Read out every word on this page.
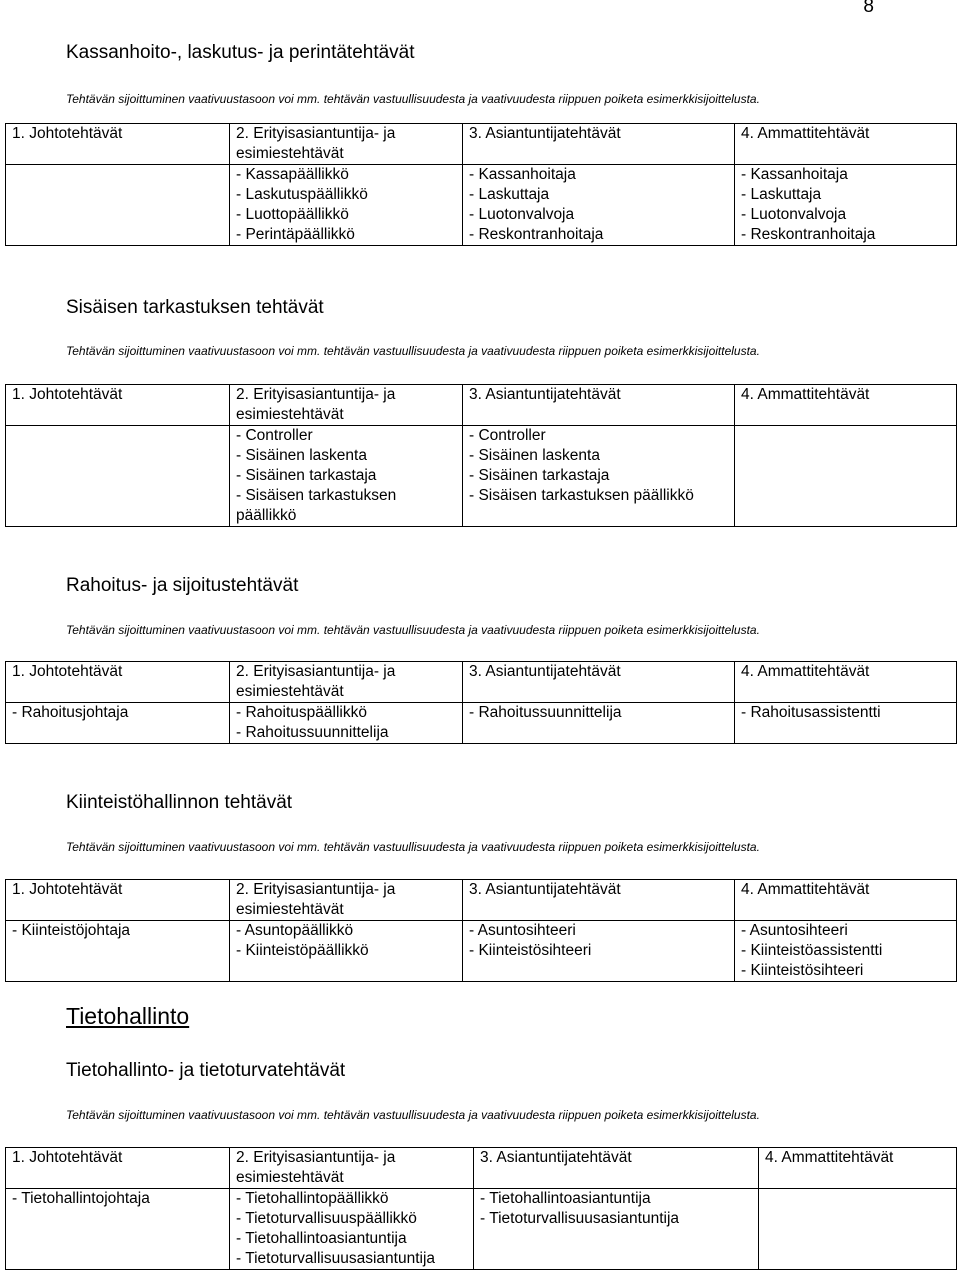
8
Kassanhoito-, laskutus- ja perintätehtävät
Tehtävän sijoittuminen vaativuustasoon voi mm. tehtävän vastuullisuudesta ja vaativuudesta riippuen poiketa esimerkkisijoittelusta.
1. Johtotehtävät	2. Erityisasiantuntija- ja esimiestehtävät	3. Asiantuntijatehtävät	4. Ammattitehtävät

	- Kassapäällikkö
- Laskutuspäällikkö
- Luottopäällikkö
- Perintäpäällikkö	- Kassanhoitaja
- Laskuttaja
- Luotonvalvoja
- Reskontranhoitaja	- Kassanhoitaja
- Laskuttaja
- Luotonvalvoja
- Reskontranhoitaja
Sisäisen tarkastuksen tehtävät
Tehtävän sijoittuminen vaativuustasoon voi mm. tehtävän vastuullisuudesta ja vaativuudesta riippuen poiketa esimerkkisijoittelusta.
1. Johtotehtävät	2. Erityisasiantuntija- ja esimiestehtävät	3. Asiantuntijatehtävät	4. Ammattitehtävät

	- Controller
- Sisäinen laskenta
- Sisäinen tarkastaja
- Sisäisen tarkastuksen
päällikkö	- Controller
- Sisäinen laskenta
- Sisäinen tarkastaja
- Sisäisen tarkastuksen päällikkö	

Rahoitus- ja sijoitustehtävät
Tehtävän sijoittuminen vaativuustasoon voi mm. tehtävän vastuullisuudesta ja vaativuudesta riippuen poiketa esimerkkisijoittelusta.
1. Johtotehtävät	2. Erityisasiantuntija- ja esimiestehtävät	3. Asiantuntijatehtävät	4. Ammattitehtävät

- Rahoitusjohtaja	- Rahoituspäällikkö
- Rahoitussuunnittelija	- Rahoitussuunnittelija	- Rahoitusassistentti
Kiinteistöhallinnon tehtävät
Tehtävän sijoittuminen vaativuustasoon voi mm. tehtävän vastuullisuudesta ja vaativuudesta riippuen poiketa esimerkkisijoittelusta.
1. Johtotehtävät	2. Erityisasiantuntija- ja esimiestehtävät	3. Asiantuntijatehtävät	4. Ammattitehtävät

- Kiinteistöjohtaja	- Asuntopäällikkö
- Kiinteistöpäällikkö	- Asuntosihteeri
- Kiinteistösihteeri	- Asuntosihteeri
- Kiinteistöassistentti
- Kiinteistösihteeri
Tietohallinto
Tietohallinto- ja tietoturvatehtävät
Tehtävän sijoittuminen vaativuustasoon voi mm. tehtävän vastuullisuudesta ja vaativuudesta riippuen poiketa esimerkkisijoittelusta.
1. Johtotehtävät	2. Erityisasiantuntija- ja esimiestehtävät	3. Asiantuntijatehtävät	4. Ammattitehtävät

- Tietohallintojohtaja	- Tietohallintopäällikkö
- Tietoturvallisuuspäällikkö
- Tietohallintoasiantuntija
- Tietoturvallisuusasiantuntija	- Tietohallintoasiantuntija
- Tietoturvallisuusasiantuntija	
